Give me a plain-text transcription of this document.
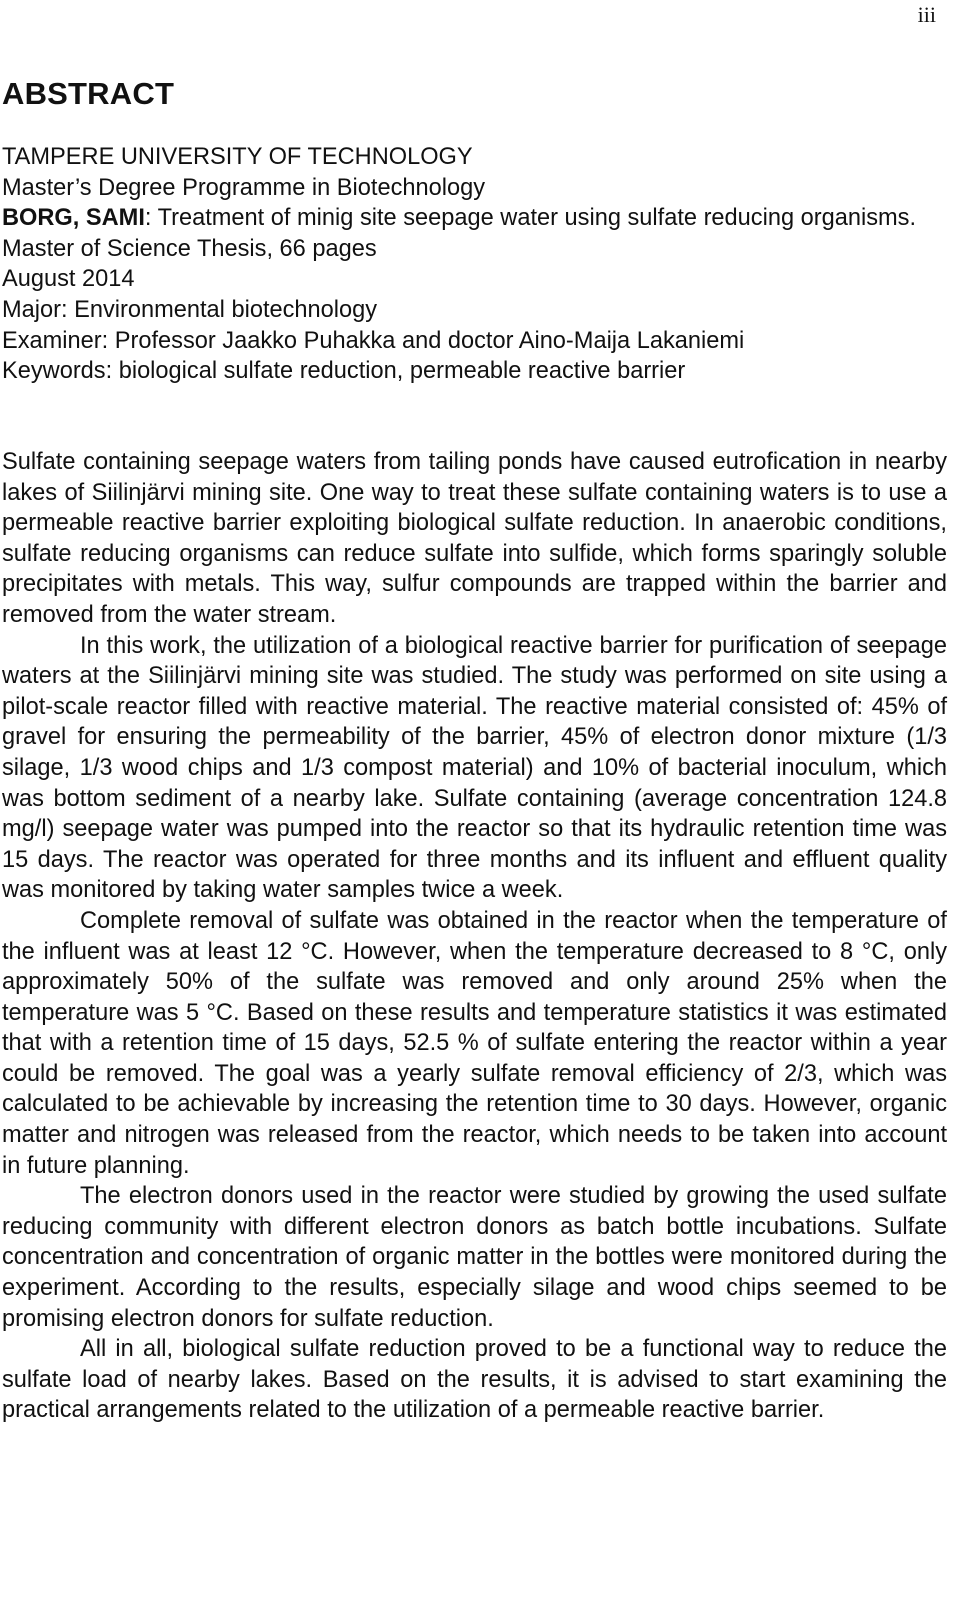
iii
ABSTRACT
TAMPERE UNIVERSITY OF TECHNOLOGY
Master’s Degree Programme in Biotechnology
BORG, SAMI: Treatment of minig site seepage water using sulfate reducing organisms.
Master of Science Thesis, 66 pages
August 2014
Major: Environmental biotechnology
Examiner: Professor Jaakko Puhakka and doctor Aino-Maija Lakaniemi
Keywords: biological sulfate reduction, permeable reactive barrier

Sulfate containing seepage waters from tailing ponds have caused eutrofication in nearby lakes of Siilinjärvi mining site. One way to treat these sulfate containing waters is to use a permeable reactive barrier exploiting biological sulfate reduction. In anaerobic conditions, sulfate reducing organisms can reduce sulfate into sulfide, which forms sparingly soluble precipitates with metals. This way, sulfur compounds are trapped within the barrier and removed from the water stream.

In this work, the utilization of a biological reactive barrier for purification of seepage waters at the Siilinjärvi mining site was studied. The study was performed on site using a pilot-scale reactor filled with reactive material. The reactive material consisted of: 45% of gravel for ensuring the permeability of the barrier, 45% of electron donor mixture (1/3 silage, 1/3 wood chips and 1/3 compost material) and 10% of bacterial inoculum, which was bottom sediment of a nearby lake. Sulfate containing (average concentration 124.8 mg/l) seepage water was pumped into the reactor so that its hydraulic retention time was 15 days. The reactor was operated for three months and its influent and effluent quality was monitored by taking water samples twice a week.

Complete removal of sulfate was obtained in the reactor when the temperature of the influent was at least 12 °C. However, when the temperature decreased to 8 °C, only approximately 50% of the sulfate was removed and only around 25% when the temperature was 5 °C. Based on these results and temperature statistics it was estimated that with a retention time of 15 days, 52.5 % of sulfate entering the reactor within a year could be removed. The goal was a yearly sulfate removal efficiency of 2/3, which was calculated to be achievable by increasing the retention time to 30 days. However, organic matter and nitrogen was released from the reactor, which needs to be taken into account in future planning.

The electron donors used in the reactor were studied by growing the used sulfate reducing community with different electron donors as batch bottle incubations. Sulfate concentration and concentration of organic matter in the bottles were monitored during the experiment. According to the results, especially silage and wood chips seemed to be promising electron donors for sulfate reduction.

All in all, biological sulfate reduction proved to be a functional way to reduce the sulfate load of nearby lakes. Based on the results, it is advised to start examining the practical arrangements related to the utilization of a permeable reactive barrier.
